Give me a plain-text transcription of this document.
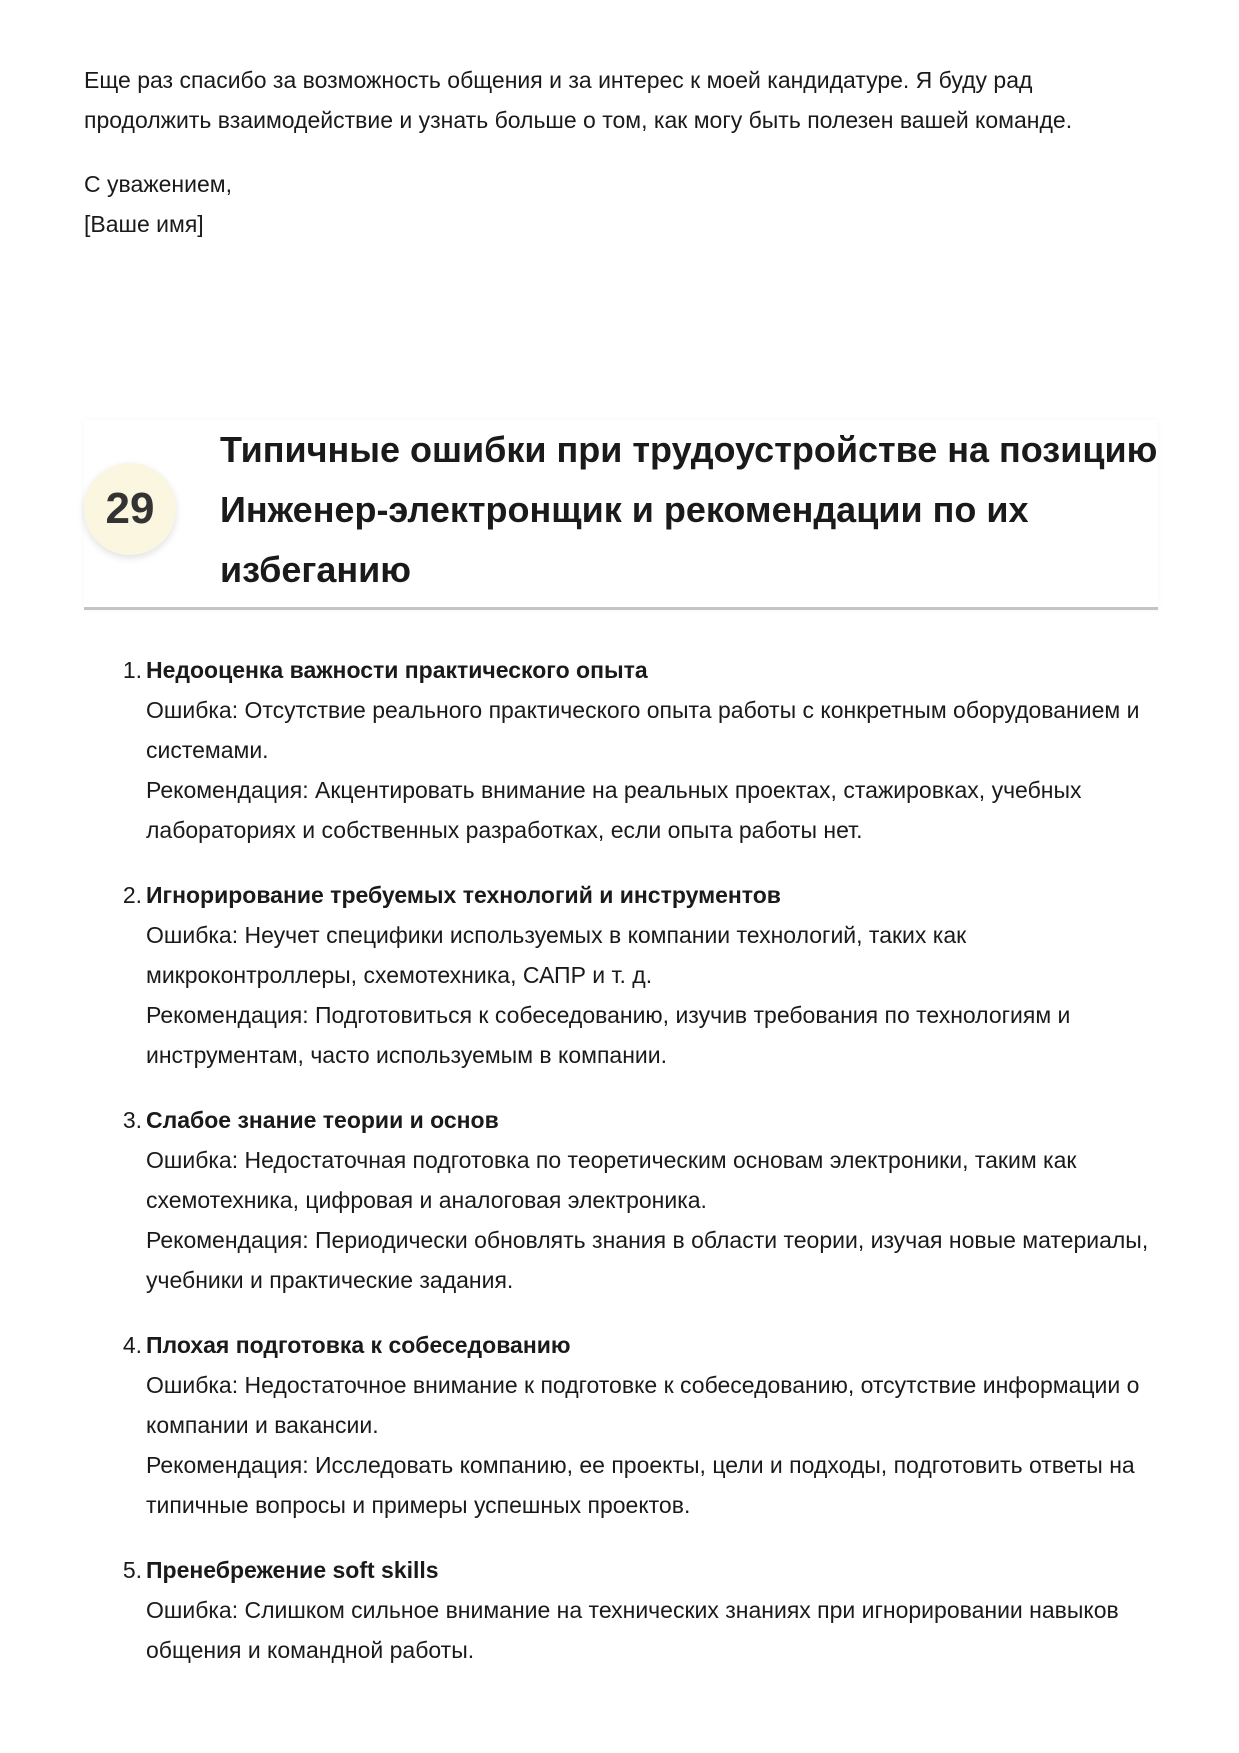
Еще раз спасибо за возможность общения и за интерес к моей кандидатуре. Я буду рад продолжить взаимодействие и узнать больше о том, как могу быть полезен вашей команде.

С уважением,
[Ваше имя]
29
Типичные ошибки при трудоустройстве на позицию Инженер-электронщик и рекомендации по их избеганию
1. Недооценка важности практического опыта
Ошибка: Отсутствие реального практического опыта работы с конкретным оборудованием и системами.
Рекомендация: Акцентировать внимание на реальных проектах, стажировках, учебных лабораториях и собственных разработках, если опыта работы нет.
2. Игнорирование требуемых технологий и инструментов
Ошибка: Неучет специфики используемых в компании технологий, таких как микроконтроллеры, схемотехника, САПР и т. д.
Рекомендация: Подготовиться к собеседованию, изучив требования по технологиям и инструментам, часто используемым в компании.
3. Слабое знание теории и основ
Ошибка: Недостаточная подготовка по теоретическим основам электроники, таким как схемотехника, цифровая и аналоговая электроника.
Рекомендация: Периодически обновлять знания в области теории, изучая новые материалы, учебники и практические задания.
4. Плохая подготовка к собеседованию
Ошибка: Недостаточное внимание к подготовке к собеседованию, отсутствие информации о компании и вакансии.
Рекомендация: Исследовать компанию, ее проекты, цели и подходы, подготовить ответы на типичные вопросы и примеры успешных проектов.
5. Пренебрежение soft skills
Ошибка: Слишком сильное внимание на технических знаниях при игнорировании навыков общения и командной работы.
